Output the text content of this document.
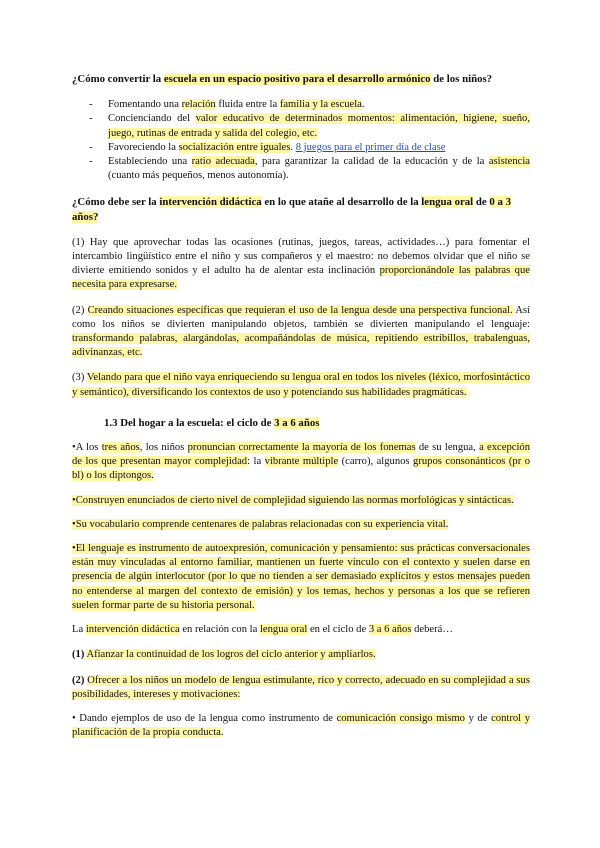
¿Cómo convertir la escuela en un espacio positivo para el desarrollo armónico de los niños?
- Fomentando una relación fluida entre la familia y la escuela.
- Concienciando del valor educativo de determinados momentos: alimentación, higiene, sueño, juego, rutinas de entrada y salida del colegio, etc.
- Favoreciendo la socialización entre iguales. 8 juegos para el primer día de clase
- Estableciendo una ratio adecuada, para garantizar la calidad de la educación y de la asistencia (cuanto más pequeños, menos autonomía).
¿Cómo debe ser la intervención didáctica en lo que atañe al desarrollo de la lengua oral de 0 a 3 años?

(1) Hay que aprovechar todas las ocasiones (rutinas, juegos, tareas, actividades…) para fomentar el intercambio lingüístico entre el niño y sus compañeros y el maestro: no debemos olvidar que el niño se divierte emitiendo sonidos y el adulto ha de alentar esta inclinación proporcionándole las palabras que necesita para expresarse.

(2) Creando situaciones específicas que requieran el uso de la lengua desde una perspectiva funcional. Así como los niños se divierten manipulando objetos, también se divierten manipulando el lenguaje: transformando palabras, alargándolas, acompañándolas de música, repitiendo estribillos, trabalenguas, adivinanzas, etc.

(3) Velando para que el niño vaya enriqueciendo su lengua oral en todos los niveles (léxico, morfosintáctico y semántico), diversificando los contextos de uso y potenciando sus habilidades pragmáticas.

1.3 Del hogar a la escuela: el ciclo de 3 a 6 años

•A los tres años, los niños pronuncian correctamente la mayoría de los fonemas de su lengua, a excepción de los que presentan mayor complejidad: la vibrante múltiple (carro), algunos grupos consonánticos (pr o bl) o los diptongos.

•Construyen enunciados de cierto nivel de complejidad siguiendo las normas morfológicas y sintácticas.

•Su vocabulario comprende centenares de palabras relacionadas con su experiencia vital.

•El lenguaje es instrumento de autoexpresión, comunicación y pensamiento: sus prácticas conversacionales están muy vinculadas al entorno familiar, mantienen un fuerte vínculo con el contexto y suelen darse en presencia de algún interlocutor (por lo que no tienden a ser demasiado explícitos y estos mensajes pueden no entenderse al margen del contexto de emisión) y los temas, hechos y personas a los que se refieren suelen formar parte de su historia personal.

La intervención didáctica en relación con la lengua oral en el ciclo de 3 a 6 años deberá…

(1) Afianzar la continuidad de los logros del ciclo anterior y ampliarlos.

(2) Ofrecer a los niños un modelo de lengua estimulante, rico y correcto, adecuado en su complejidad a sus posibilidades, intereses y motivaciones:

• Dando ejemplos de uso de la lengua como instrumento de comunicación consigo mismo y de control y planificación de la propia conducta.
